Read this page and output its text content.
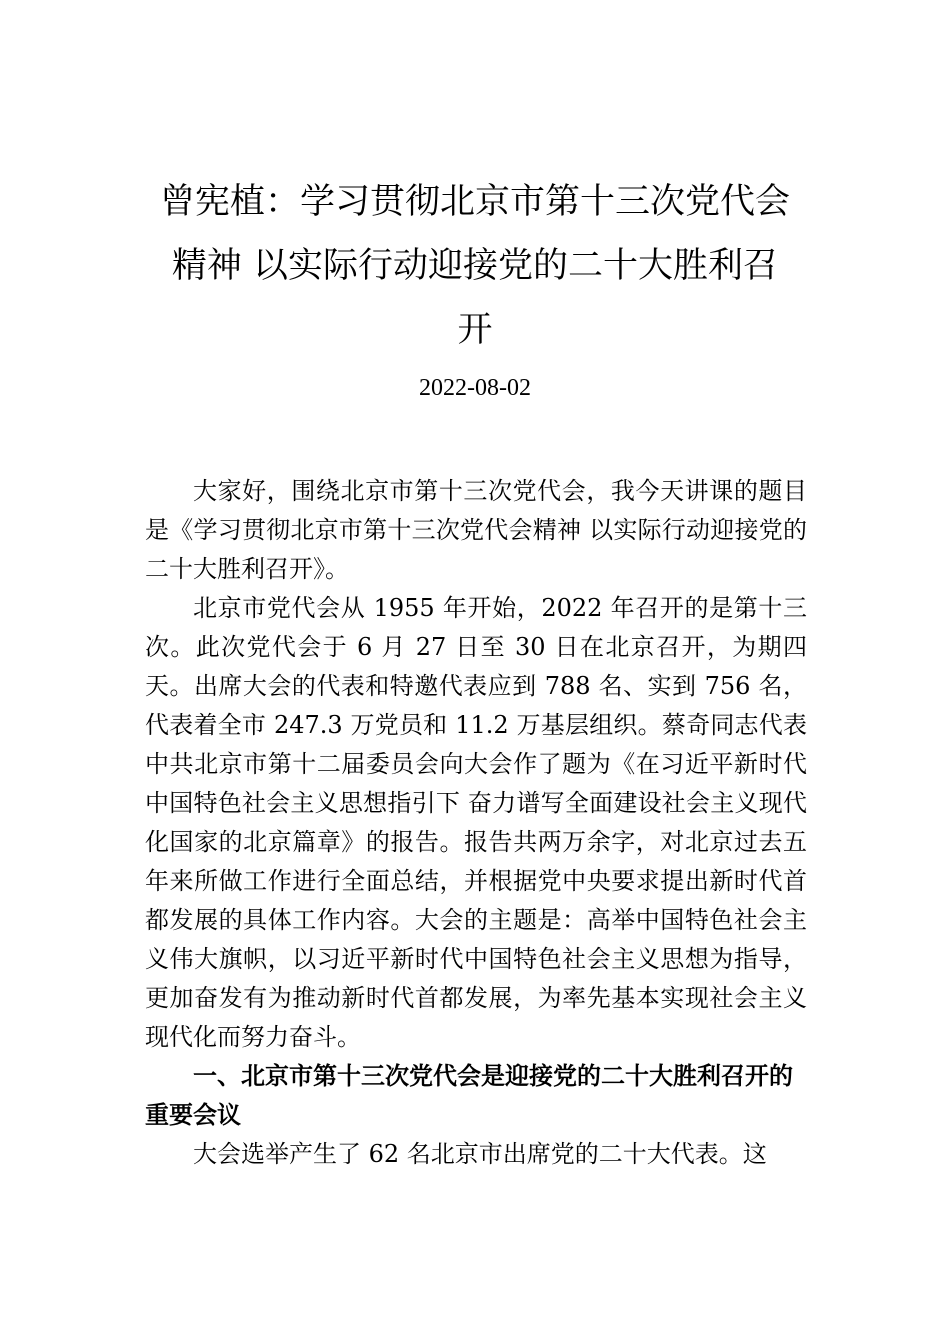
曾宪植：学习贯彻北京市第十三次党代会
精神 以实际行动迎接党的二十大胜利召
开
2022-08-02

大家好，围绕北京市第十三次党代会，我今天讲课的题目是《学习贯彻北京市第十三次党代会精神 以实际行动迎接党的二十大胜利召开》。

北京市党代会从 1955 年开始，2022 年召开的是第十三次。此次党代会于 6 月 27 日至 30 日在北京召开，为期四天。出席大会的代表和特邀代表应到 788 名、实到 756 名，代表着全市 247.3 万党员和 11.2 万基层组织。蔡奇同志代表中共北京市第十二届委员会向大会作了题为《在习近平新时代中国特色社会主义思想指引下 奋力谱写全面建设社会主义现代化国家的北京篇章》的报告。报告共两万余字，对北京过去五年来所做工作进行全面总结，并根据党中央要求提出新时代首都发展的具体工作内容。大会的主题是：高举中国特色社会主义伟大旗帜，以习近平新时代中国特色社会主义思想为指导，更加奋发有为推动新时代首都发展，为率先基本实现社会主义现代化而努力奋斗。

一、北京市第十三次党代会是迎接党的二十大胜利召开的重要会议

大会选举产生了 62 名北京市出席党的二十大代表。这
